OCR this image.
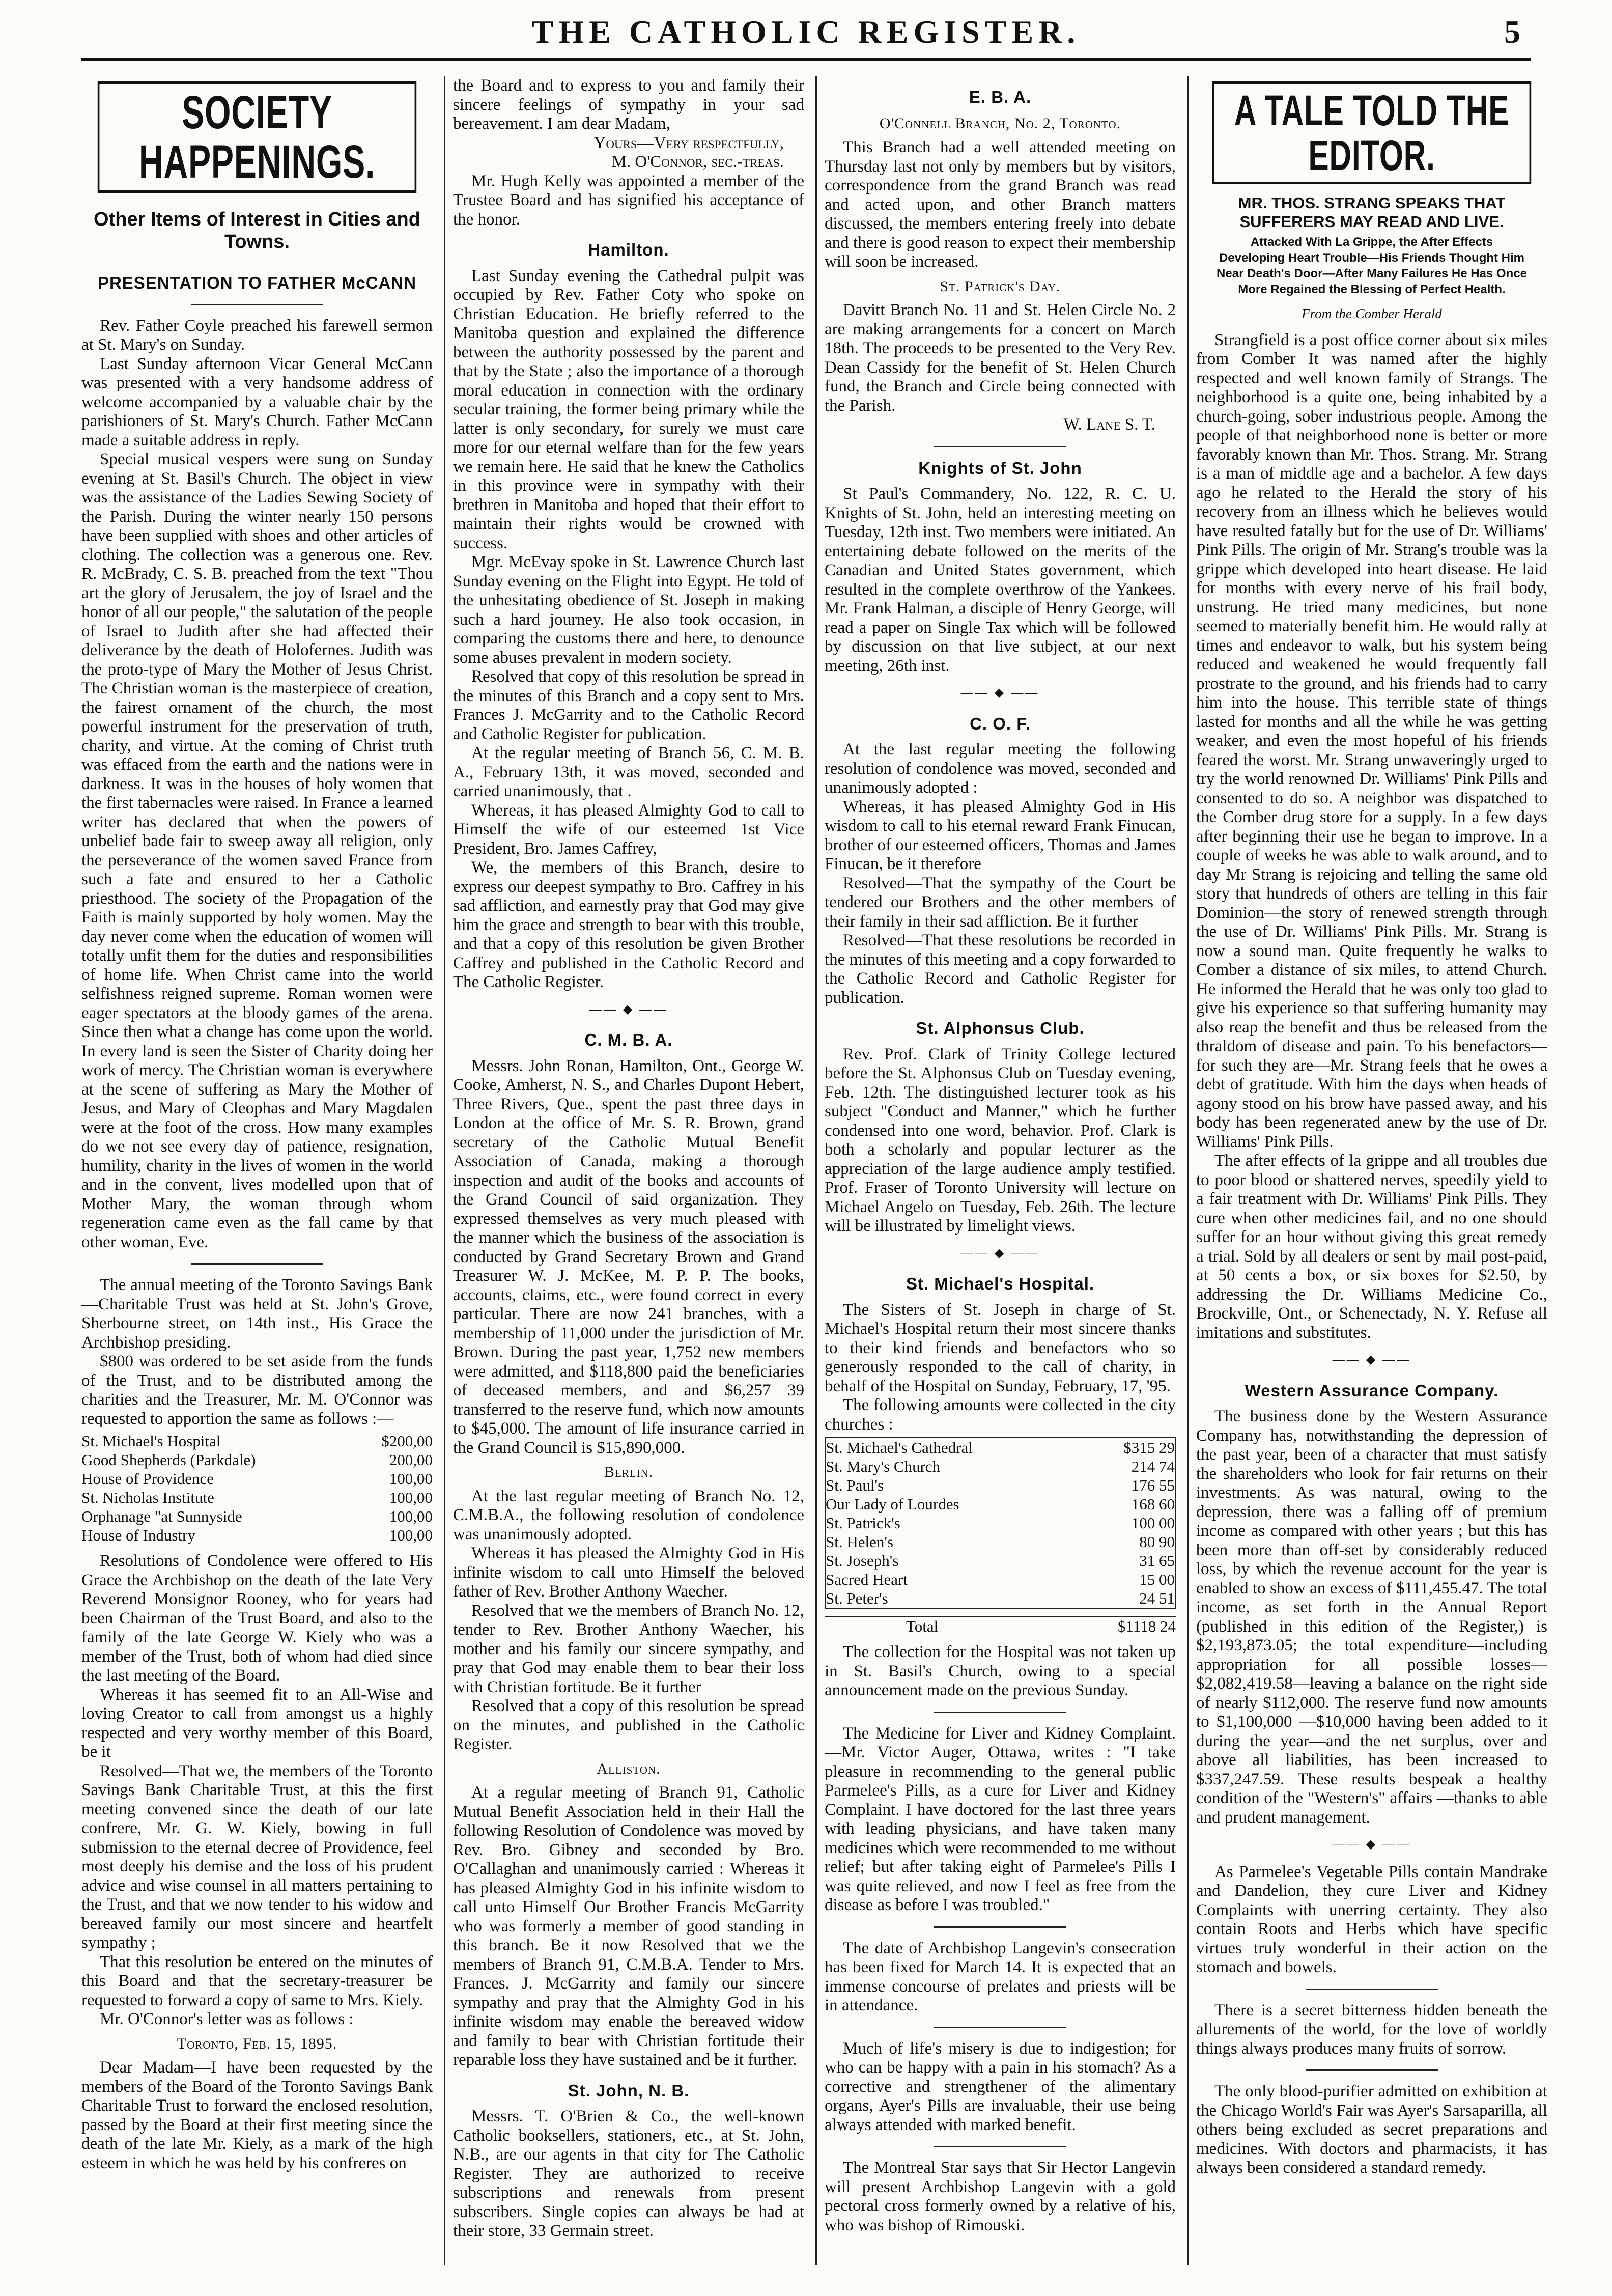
THE CATHOLIC REGISTER.	5
SOCIETY HAPPENINGS.
Other Items of Interest in Cities and Towns.
PRESENTATION TO FATHER McCANN

Rev. Father Coyle preached his farewell sermon at St. Mary's on Sunday.

Last Sunday afternoon Vicar General McCann was presented with a very handsome address of welcome accompanied by a valuable chair by the parishioners of St. Mary's Church. Father McCann made a suitable address in reply.

Special musical vespers were sung on Sunday evening at St. Basil's Church. The object in view was the assistance of the Ladies Sewing Society of the Parish. During the winter nearly 150 persons have been supplied with shoes and other articles of clothing. The collection was a generous one. Rev. R. McBrady, C. S. B. preached from the text "Thou art the glory of Jerusalem, the joy of Israel and the honor of all our people," the salutation of the people of Israel to Judith after she had affected their deliverance by the death of Holofernes. Judith was the proto-type of Mary the Mother of Jesus Christ. The Christian woman is the masterpiece of creation, the fairest ornament of the church, the most powerful instrument for the preservation of truth, charity, and virtue. At the coming of Christ truth was effaced from the earth and the nations were in darkness. It was in the houses of holy women that the first tabernacles were raised. In France a learned writer has declared that when the powers of unbelief bade fair to sweep away all religion, only the perseverance of the women saved France from such a fate and ensured to her a Catholic priesthood. The society of the Propagation of the Faith is mainly supported by holy women. May the day never come when the education of women will totally unfit them for the duties and responsibilities of home life. When Christ came into the world selfishness reigned supreme. Roman women were eager spectators at the bloody games of the arena. Since then what a change has come upon the world. In every land is seen the Sister of Charity doing her work of mercy. The Christian woman is everywhere at the scene of suffering as Mary the Mother of Jesus, and Mary of Cleophas and Mary Magdalen were at the foot of the cross. How many examples do we not see every day of patience, resignation, humility, charity in the lives of women in the world and in the convent, lives modelled upon that of Mother Mary, the woman through whom regeneration came even as the fall came by that other woman, Eve.

The annual meeting of the Toronto Savings Bank—Charitable Trust was held at St. John's Grove, Sherbourne street, on 14th inst., His Grace the Archbishop presiding.

$800 was ordered to be set aside from the funds of the Trust, and to be distributed among the charities and the Treasurer, Mr. M. O'Connor was requested to apportion the same as follows :—

St. Michael's Hospital	$200,00
Good Shepherds (Parkdale)	200,00
House of Providence	100,00
St. Nicholas Institute	100,00
Orphanage "at Sunnyside	100,00
House of Industry	100,00

Resolutions of Condolence were offered to His Grace the Archbishop on the death of the late Very Reverend Monsignor Rooney, who for years had been Chairman of the Trust Board, and also to the family of the late George W. Kiely who was a member of the Trust, both of whom had died since the last meeting of the Board.

Whereas it has seemed fit to an All-Wise and loving Creator to call from amongst us a highly respected and very worthy member of this Board, be it

Resolved—That we, the members of the Toronto Savings Bank Charitable Trust, at this the first meeting convened since the death of our late confrere, Mr. G. W. Kiely, bowing in full submission to the eternal decree of Providence, feel most deeply his demise and the loss of his prudent advice and wise counsel in all matters pertaining to the Trust, and that we now tender to his widow and bereaved family our most sincere and heartfelt sympathy ;

That this resolution be entered on the minutes of this Board and that the secretary-treasurer be requested to forward a copy of same to Mrs. Kiely.

Mr. O'Connor's letter was as follows :

Toronto, Feb. 15, 1895.

Dear Madam—I have been requested by the members of the Board of the Toronto Savings Bank Charitable Trust to forward the enclosed resolution, passed by the Board at their first meeting since the death of the late Mr. Kiely, as a mark of the high esteem in which he was held by his confreres on

the Board and to express to you and family their sincere feelings of sympathy in your sad bereavement. I am dear Madam,

Yours—Very respectfully,
M. O'Connor, sec.-treas.

Mr. Hugh Kelly was appointed a member of the Trustee Board and has signified his acceptance of the honor.

Hamilton.

Last Sunday evening the Cathedral pulpit was occupied by Rev. Father Coty who spoke on Christian Education. He briefly referred to the Manitoba question and explained the difference between the authority possessed by the parent and that by the State ; also the importance of a thorough moral education in connection with the ordinary secular training, the former being primary while the latter is only secondary, for surely we must care more for our eternal welfare than for the few years we remain here. He said that he knew the Catholics in this province were in sympathy with their brethren in Manitoba and hoped that their effort to maintain their rights would be crowned with success.

Mgr. McEvay spoke in St. Lawrence Church last Sunday evening on the Flight into Egypt. He told of the unhesitating obedience of St. Joseph in making such a hard journey. He also took occasion, in comparing the customs there and here, to denounce some abuses prevalent in modern society.

Resolved that copy of this resolution be spread in the minutes of this Branch and a copy sent to Mrs. Frances J. McGarrity and to the Catholic Record and Catholic Register for publication.

At the regular meeting of Branch 56, C. M. B. A., February 13th, it was moved, seconded and carried unanimously, that .

Whereas, it has pleased Almighty God to call to Himself the wife of our esteemed 1st Vice President, Bro. James Caffrey,

We, the members of this Branch, desire to express our deepest sympathy to Bro. Caffrey in his sad affliction, and earnestly pray that God may give him the grace and strength to bear with this trouble, and that a copy of this resolution be given Brother Caffrey and published in the Catholic Record and The Catholic Register.

—— ◆ ——
C. M. B. A.

Messrs. John Ronan, Hamilton, Ont., George W. Cooke, Amherst, N. S., and Charles Dupont Hebert, Three Rivers, Que., spent the past three days in London at the office of Mr. S. R. Brown, grand secretary of the Catholic Mutual Benefit Association of Canada, making a thorough inspection and audit of the books and accounts of the Grand Council of said organization. They expressed themselves as very much pleased with the manner which the business of the association is conducted by Grand Secretary Brown and Grand Treasurer W. J. McKee, M. P. P. The books, accounts, claims, etc., were found correct in every particular. There are now 241 branches, with a membership of 11,000 under the jurisdiction of Mr. Brown. During the past year, 1,752 new members were admitted, and $118,800 paid the beneficiaries of deceased members, and and $6,257 39 transferred to the reserve fund, which now amounts to $45,000. The amount of life insurance carried in the Grand Council is $15,890,000.

Berlin.

At the last regular meeting of Branch No. 12, C.M.B.A., the following resolution of condolence was unanimously adopted.

Whereas it has pleased the Almighty God in His infinite wisdom to call unto Himself the beloved father of Rev. Brother Anthony Waecher.

Resolved that we the members of Branch No. 12, tender to Rev. Brother Anthony Waecher, his mother and his family our sincere sympathy, and pray that God may enable them to bear their loss with Christian fortitude. Be it further

Resolved that a copy of this resolution be spread on the minutes, and published in the Catholic Register.

Alliston.

At a regular meeting of Branch 91, Catholic Mutual Benefit Association held in their Hall the following Resolution of Condolence was moved by Rev. Bro. Gibney and seconded by Bro. O'Callaghan and unanimously carried : Whereas it has pleased Almighty God in his infinite wisdom to call unto Himself Our Brother Francis McGarrity who was formerly a member of good standing in this branch. Be it now Resolved that we the members of Branch 91, C.M.B.A. Tender to Mrs. Frances. J. McGarrity and family our sincere sympathy and pray that the Almighty God in his infinite wisdom may enable the bereaved widow and family to bear with Christian fortitude their reparable loss they have sustained and be it further.

St. John, N. B.

Messrs. T. O'Brien & Co., the well-known Catholic booksellers, stationers, etc., at St. John, N.B., are our agents in that city for The Catholic Register. They are authorized to receive subscriptions and renewals from present subscribers. Single copies can always be had at their store, 33 Germain street.

E. B. A.
O'Connell Branch, No. 2, Toronto.

This Branch had a well attended meeting on Thursday last not only by members but by visitors, correspondence from the grand Branch was read and acted upon, and other Branch matters discussed, the members entering freely into debate and there is good reason to expect their membership will soon be increased.

St. Patrick's Day.

Davitt Branch No. 11 and St. Helen Circle No. 2 are making arrangements for a concert on March 18th. The proceeds to be presented to the Very Rev. Dean Cassidy for the benefit of St. Helen Church fund, the Branch and Circle being connected with the Parish.

W. Lane S. T.
Knights of St. John

St Paul's Commandery, No. 122, R. C. U. Knights of St. John, held an interesting meeting on Tuesday, 12th inst. Two members were initiated. An entertaining debate followed on the merits of the Canadian and United States government, which resulted in the complete overthrow of the Yankees. Mr. Frank Halman, a disciple of Henry George, will read a paper on Single Tax which will be followed by discussion on that live subject, at our next meeting, 26th inst.

—— ◆ ——
C. O. F.

At the last regular meeting the following resolution of condolence was moved, seconded and unanimously adopted :

Whereas, it has pleased Almighty God in His wisdom to call to his eternal reward Frank Finucan, brother of our esteemed officers, Thomas and James Finucan, be it therefore

Resolved—That the sympathy of the Court be tendered our Brothers and the other members of their family in their sad affliction. Be it further

Resolved—That these resolutions be recorded in the minutes of this meeting and a copy forwarded to the Catholic Record and Catholic Register for publication.

St. Alphonsus Club.

Rev. Prof. Clark of Trinity College lectured before the St. Alphonsus Club on Tuesday evening, Feb. 12th. The distinguished lecturer took as his subject "Conduct and Manner," which he further condensed into one word, behavior. Prof. Clark is both a scholarly and popular lecturer as the appreciation of the large audience amply testified. Prof. Fraser of Toronto University will lecture on Michael Angelo on Tuesday, Feb. 26th. The lecture will be illustrated by limelight views.

—— ◆ ——
St. Michael's Hospital.

The Sisters of St. Joseph in charge of St. Michael's Hospital return their most sincere thanks to their kind friends and benefactors who so generously responded to the call of charity, in behalf of the Hospital on Sunday, February, 17, '95.

The following amounts were collected in the city churches :

St. Michael's Cathedral	$315 29
St. Mary's Church	214 74
St. Paul's	176 55
Our Lady of Lourdes	168 60
St. Patrick's	100 00
St. Helen's	80 90
St. Joseph's	31 65
Sacred Heart	15 00
St. Peter's	24 51
Total	$1118 24

The collection for the Hospital was not taken up in St. Basil's Church, owing to a special announcement made on the previous Sunday.

The Medicine for Liver and Kidney Complaint.—Mr. Victor Auger, Ottawa, writes : "I take pleasure in recommending to the general public Parmelee's Pills, as a cure for Liver and Kidney Complaint. I have doctored for the last three years with leading physicians, and have taken many medicines which were recommended to me without relief; but after taking eight of Parmelee's Pills I was quite relieved, and now I feel as free from the disease as before I was troubled."

The date of Archbishop Langevin's consecration has been fixed for March 14. It is expected that an immense concourse of prelates and priests will be in attendance.

Much of life's misery is due to indigestion; for who can be happy with a pain in his stomach? As a corrective and strengthener of the alimentary organs, Ayer's Pills are invaluable, their use being always attended with marked benefit.

The Montreal Star says that Sir Hector Langevin will present Archbishop Langevin with a gold pectoral cross formerly owned by a relative of his, who was bishop of Rimouski.

A TALE TOLD THE EDITOR.
MR. THOS. STRANG SPEAKS THAT SUFFERERS MAY READ AND LIVE.
Attacked With La Grippe, the After Effects Developing Heart Trouble—His Friends Thought Him Near Death's Door—After Many Failures He Has Once More Regained the Blessing of Perfect Health.
From the Comber Herald

Strangfield is a post office corner about six miles from Comber It was named after the highly respected and well known family of Strangs. The neighborhood is a quite one, being inhabited by a church-going, sober industrious people. Among the people of that neighborhood none is better or more favorably known than Mr. Thos. Strang. Mr. Strang is a man of middle age and a bachelor. A few days ago he related to the Herald the story of his recovery from an illness which he believes would have resulted fatally but for the use of Dr. Williams' Pink Pills. The origin of Mr. Strang's trouble was la grippe which developed into heart disease. He laid for months with every nerve of his frail body, unstrung. He tried many medicines, but none seemed to materially benefit him. He would rally at times and endeavor to walk, but his system being reduced and weakened he would frequently fall prostrate to the ground, and his friends had to carry him into the house. This terrible state of things lasted for months and all the while he was getting weaker, and even the most hopeful of his friends feared the worst. Mr. Strang unwaveringly urged to try the world renowned Dr. Williams' Pink Pills and consented to do so. A neighbor was dispatched to the Comber drug store for a supply. In a few days after beginning their use he began to improve. In a couple of weeks he was able to walk around, and to day Mr Strang is rejoicing and telling the same old story that hundreds of others are telling in this fair Dominion—the story of renewed strength through the use of Dr. Williams' Pink Pills. Mr. Strang is now a sound man. Quite frequently he walks to Comber a distance of six miles, to attend Church. He informed the Herald that he was only too glad to give his experience so that suffering humanity may also reap the benefit and thus be released from the thraldom of disease and pain. To his benefactors—for such they are—Mr. Strang feels that he owes a debt of gratitude. With him the days when heads of agony stood on his brow have passed away, and his body has been regenerated anew by the use of Dr. Williams' Pink Pills.

The after effects of la grippe and all troubles due to poor blood or shattered nerves, speedily yield to a fair treatment with Dr. Williams' Pink Pills. They cure when other medicines fail, and no one should suffer for an hour without giving this great remedy a trial. Sold by all dealers or sent by mail post-paid, at 50 cents a box, or six boxes for $2.50, by addressing the Dr. Williams Medicine Co., Brockville, Ont., or Schenectady, N. Y. Refuse all imitations and substitutes.

—— ◆ ——
Western Assurance Company.

The business done by the Western Assurance Company has, notwithstanding the depression of the past year, been of a character that must satisfy the shareholders who look for fair returns on their investments. As was natural, owing to the depression, there was a falling off of premium income as compared with other years ; but this has been more than off-set by considerably reduced loss, by which the revenue account for the year is enabled to show an excess of $111,455.47. The total income, as set forth in the Annual Report (published in this edition of the Register,) is $2,193,873.05; the total expenditure—including appropriation for all possible losses—$2,082,419.58—leaving a balance on the right side of nearly $112,000. The reserve fund now amounts to $1,100,000 —$10,000 having been added to it during the year—and the net surplus, over and above all liabilities, has been increased to $337,247.59. These results bespeak a healthy condition of the "Western's" affairs —thanks to able and prudent management.

—— ◆ ——

As Parmelee's Vegetable Pills contain Mandrake and Dandelion, they cure Liver and Kidney Complaints with unerring certainty. They also contain Roots and Herbs which have specific virtues truly wonderful in their action on the stomach and bowels.

There is a secret bitterness hidden beneath the allurements of the world, for the love of worldly things always produces many fruits of sorrow.

The only blood-purifier admitted on exhibition at the Chicago World's Fair was Ayer's Sarsaparilla, all others being excluded as secret preparations and medicines. With doctors and pharmacists, it has always been considered a standard remedy.
